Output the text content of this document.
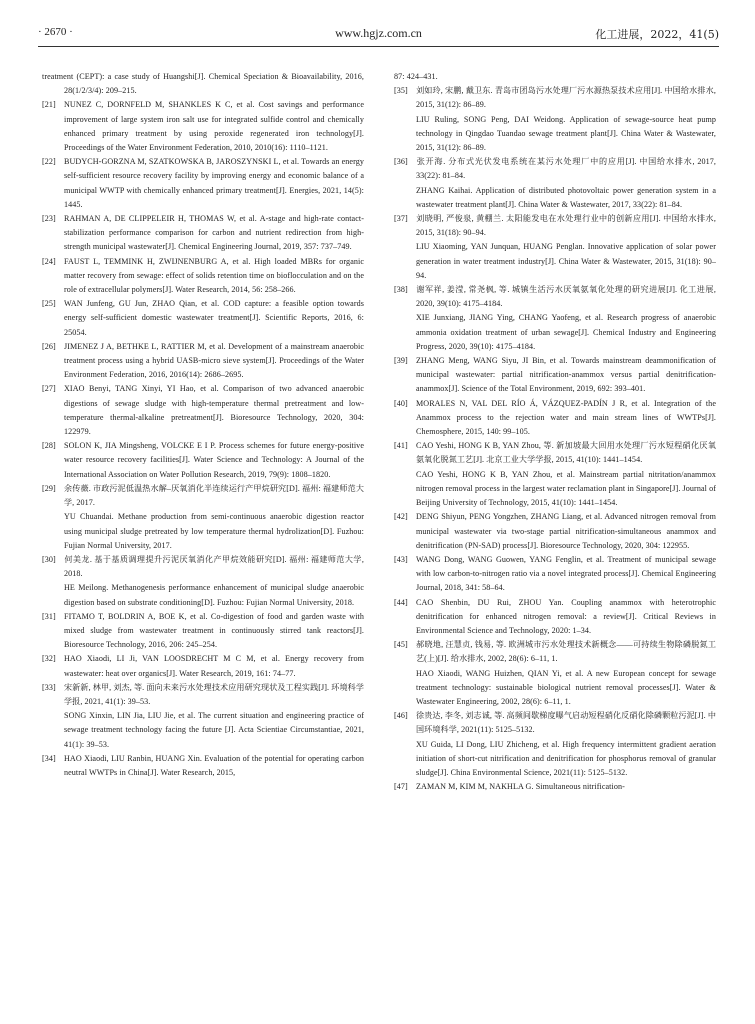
· 2670 ·	www.hgjz.com.cn	化工进展，2022，41(5)
treatment (CEPT): a case study of Huangshi[J]. Chemical Speciation & Bioavailability, 2016, 28(1/2/3/4): 209–215.
[21] NUNEZ C, DORNFELD M, SHANKLES K C, et al. Cost savings and performance improvement of large system iron salt use for integrated sulfide control and chemically enhanced primary treatment by using peroxide regenerated iron technology[J]. Proceedings of the Water Environment Federation, 2010, 2010(16): 1110–1121.
[22] BUDYCH-GORZNA M, SZATKOWSKA B, JAROSZYNSKI L, et al. Towards an energy self-sufficient resource recovery facility by improving energy and economic balance of a municipal WWTP with chemically enhanced primary treatment[J]. Energies, 2021, 14(5): 1445.
[23] RAHMAN A, DE CLIPPELEIR H, THOMAS W, et al. A-stage and high-rate contact-stabilization performance comparison for carbon and nutrient redirection from high-strength municipal wastewater[J]. Chemical Engineering Journal, 2019, 357: 737–749.
[24] FAUST L, TEMMINK H, ZWIJNENBURG A, et al. High loaded MBRs for organic matter recovery from sewage: effect of solids retention time on bioflocculation and on the role of extracellular polymers[J]. Water Research, 2014, 56: 258–266.
[25] WAN Junfeng, GU Jun, ZHAO Qian, et al. COD capture: a feasible option towards energy self-sufficient domestic wastewater treatment[J]. Scientific Reports, 2016, 6: 25054.
[26] JIMENEZ J A, BETHKE L, RATTIER M, et al. Development of a mainstream anaerobic treatment process using a hybrid UASB-micro sieve system[J]. Proceedings of the Water Environment Federation, 2016, 2016(14): 2686–2695.
[27] XIAO Benyi, TANG Xinyi, YI Hao, et al. Comparison of two advanced anaerobic digestions of sewage sludge with high-temperature thermal pretreatment and low-temperature thermal-alkaline pretreatment[J]. Bioresource Technology, 2020, 304: 122979.
[28] SOLON K, JIA Mingsheng, VOLCKE E I P. Process schemes for future energy-positive water resource recovery facilities[J]. Water Science and Technology: A Journal of the International Association on Water Pollution Research, 2019, 79(9): 1808–1820.
[29] 余传薇. 市政污泥低温热水解–厌氧消化半连续运行产甲烷研究[D]. 福州: 福建师范大学, 2017.
YU Chuandai. Methane production from semi-continuous anaerobic digestion reactor using municipal sludge pretreated by low temperature thermal hydrolization[D]. Fuzhou: Fujian Normal University, 2017.
[30] 何美龙. 基于基质调理提升污泥厌氧消化产甲烷效能研究[D]. 福州: 福建师范大学, 2018.
HE Meilong. Methanogenesis performance enhancement of municipal sludge anaerobic digestion based on substrate conditioning[D]. Fuzhou: Fujian Normal University, 2018.
[31] FITAMO T, BOLDRIN A, BOE K, et al. Co-digestion of food and garden waste with mixed sludge from wastewater treatment in continuously stirred tank reactors[J]. Bioresource Technology, 2016, 206: 245–254.
[32] HAO Xiaodi, LI Ji, VAN LOOSDRECHT M C M, et al. Energy recovery from wastewater: heat over organics[J]. Water Research, 2019, 161: 74–77.
[33] 宋新新, 林甲, 刘杰, 等. 面向未来污水处理技术应用研究现状及工程实践[J]. 环境科学学报, 2021, 41(1): 39–53.
SONG Xinxin, LIN Jia, LIU Jie, et al. The current situation and engineering practice of sewage treatment technology facing the future [J]. Acta Scientiae Circumstantiae, 2021, 41(1): 39–53.
[34] HAO Xiaodi, LIU Ranbin, HUANG Xin. Evaluation of the potential for operating carbon neutral WWTPs in China[J]. Water Research, 2015,
87: 424–431.
[35] 刘如玲, 宋鹏, 戴卫东. 青岛市团岛污水处理厂污水源热泵技术应用[J]. 中国给水排水, 2015, 31(12): 86–89.
LIU Ruling, SONG Peng, DAI Weidong. Application of sewage-source heat pump technology in Qingdao Tuandao sewage treatment plant[J]. China Water & Wastewater, 2015, 31(12): 86–89.
[36] 张开海. 分布式光伏发电系统在某污水处理厂中的应用[J]. 中国给水排水, 2017, 33(22): 81–84.
ZHANG Kaihai. Application of distributed photovoltaic power generation system in a wastewater treatment plant[J]. China Water & Wastewater, 2017, 33(22): 81–84.
[37] 刘晓明, 严俊泉, 黄棚兰. 太阳能发电在水处理行业中的创新应用[J]. 中国给水排水, 2015, 31(18): 90–94.
LIU Xiaoming, YAN Junquan, HUANG Penglan. Innovative application of solar power generation in water treatment industry[J]. China Water & Wastewater, 2015, 31(18): 90–94.
[38] 谢军祥, 姜滢, 常尧枫, 等. 城镇生活污水厌氧氨氧化处理的研究进展[J]. 化工进展, 2020, 39(10): 4175–4184.
XIE Junxiang, JIANG Ying, CHANG Yaofeng, et al. Research progress of anaerobic ammonia oxidation treatment of urban sewage[J]. Chemical Industry and Engineering Progress, 2020, 39(10): 4175–4184.
[39] ZHANG Meng, WANG Siyu, JI Bin, et al. Towards mainstream deammonification of municipal wastewater: partial nitrification-anammox versus partial denitrification-anammox[J]. Science of the Total Environment, 2019, 692: 393–401.
[40] MORALES N, VAL DEL RÍO Á, VÁZQUEZ-PADÍN J R, et al. Integration of the Anammox process to the rejection water and main stream lines of WWTPs[J]. Chemosphere, 2015, 140: 99–105.
[41] CAO Yeshi, HONG K B, YAN Zhou, 等. 新加坡最大回用水处理厂污水短程硝化厌氧氨氧化脱氮工艺[J]. 北京工业大学学报, 2015, 41(10): 1441–1454.
CAO Yeshi, HONG K B, YAN Zhou, et al. Mainstream partial nitritation/anammox nitrogen removal process in the largest water reclamation plant in Singapore[J]. Journal of Beijing University of Technology, 2015, 41(10): 1441–1454.
[42] DENG Shiyun, PENG Yongzhen, ZHANG Liang, et al. Advanced nitrogen removal from municipal wastewater via two-stage partial nitrification-simultaneous anammox and denitrification (PN-SAD) process[J]. Bioresource Technology, 2020, 304: 122955.
[43] WANG Dong, WANG Guowen, YANG Fenglin, et al. Treatment of municipal sewage with low carbon-to-nitrogen ratio via a novel integrated process[J]. Chemical Engineering Journal, 2018, 341: 58–64.
[44] CAO Shenbin, DU Rui, ZHOU Yan. Coupling anammox with heterotrophic denitrification for enhanced nitrogen removal: a review[J]. Critical Reviews in Environmental Science and Technology, 2020: 1–34.
[45] 郝晓地, 汪慧贞, 钱易, 等. 欧洲城市污水处理技术新概念——可持续生物除磷脱氮工艺(上)[J]. 给水排水, 2002, 28(6): 6–11, 1.
HAO Xiaodi, WANG Huizhen, QIAN Yi, et al. A new European concept for sewage treatment technology: sustainable biological nutrient removal processes[J]. Water & Wastewater Engineering, 2002, 28(6): 6–11, 1.
[46] 徐贵达, 李冬, 刘志诚, 等. 高频间歇梯度曝气启动短程硝化反硝化除磷颗粒污泥[J]. 中国环境科学, 2021(11): 5125–5132.
XU Guida, LI Dong, LIU Zhicheng, et al. High frequency intermittent gradient aeration initiation of short-cut nitrification and denitrification for phosphorus removal of granular sludge[J]. China Environmental Science, 2021(11): 5125–5132.
[47] ZAMAN M, KIM M, NAKHLA G. Simultaneous nitrification-
